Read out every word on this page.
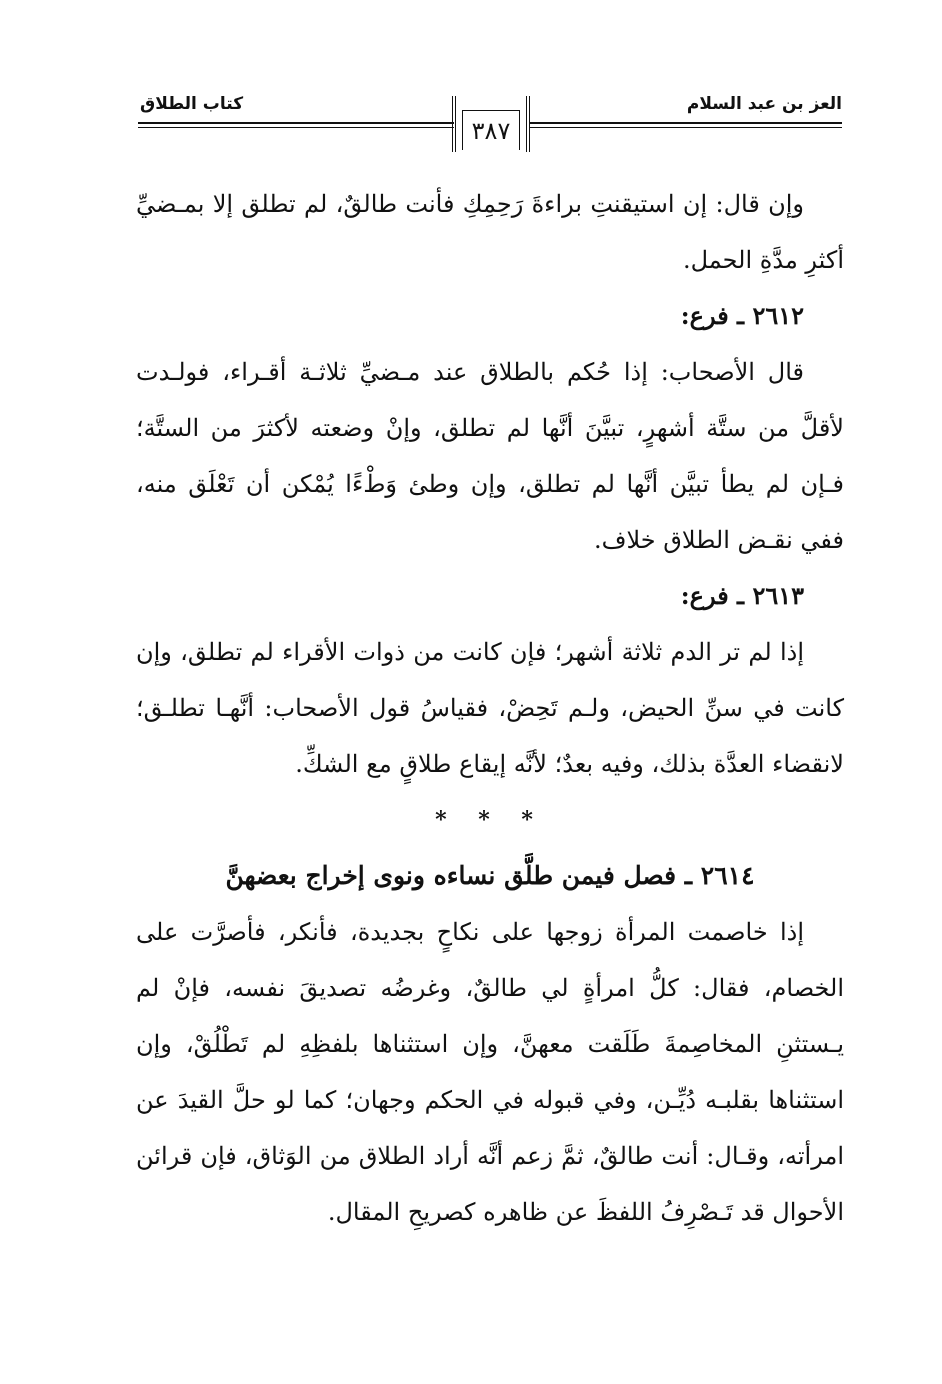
العز بن عبد السلام
كتاب الطلاق
٣٨٧

وإن قال: إن استيقنتِ براءةَ رَحِمِكِ فأنت طالقٌ، لم تطلق إلا بمـضيِّ أكثرِ مدَّةِ الحمل.

٢٦١٢ ـ فرع:

قال الأصحاب: إذا حُكم بالطلاق عند مـضيِّ ثلاثـة أقـراء، فولـدت لأقلَّ من ستَّة أشهرٍ، تبيَّنَ أنَّها لم تطلق، وإنْ وضعته لأكثرَ من الستَّة؛ فـإن لم يطأ تبيَّن أنَّها لم تطلق، وإن وطئ وَطْءًا يُمْكن أن تَعْلَق منه، ففي نقـض الطلاق خلاف.

٢٦١٣ ـ فرع:

إذا لم تر الدم ثلاثة أشهر؛ فإن كانت من ذوات الأقراء لم تطلق، وإن كانت في سنِّ الحيض، ولـم تَحِضْ، فقياسُ قول الأصحاب: أنَّهـا تطلـق؛ لانقضاء العدَّة بذلك، وفيه بعدٌ؛ لأنَّه إيقاع طلاقٍ مع الشكِّ.

* * *

٢٦١٤ ـ فصل فيمن طلَّق نساءه ونوى إخراج بعضهنَّ

إذا خاصمت المرأة زوجها على نكاحٍ بجديدة، فأنكر، فأصرَّت على الخصام، فقال: كلُّ امرأةٍ لي طالقٌ، وغرضُه تصديقَ نفسه، فإنْ لم يـستثنِ المخاصِمةَ طَلَقت معهنَّ، وإن استثناها بلفظِهِ لم تَطْلُقْ، وإن استثناها بقلبـه دُيِّـن، وفي قبوله في الحكم وجهان؛ كما لو حلَّ القيدَ عن امرأته، وقـال: أنت طالقٌ، ثمَّ زعم أنَّه أراد الطلاق من الوَثاق، فإن قرائن الأحوال قد تَـصْرِفُ اللفظَ عن ظاهره كصريحِ المقال.
